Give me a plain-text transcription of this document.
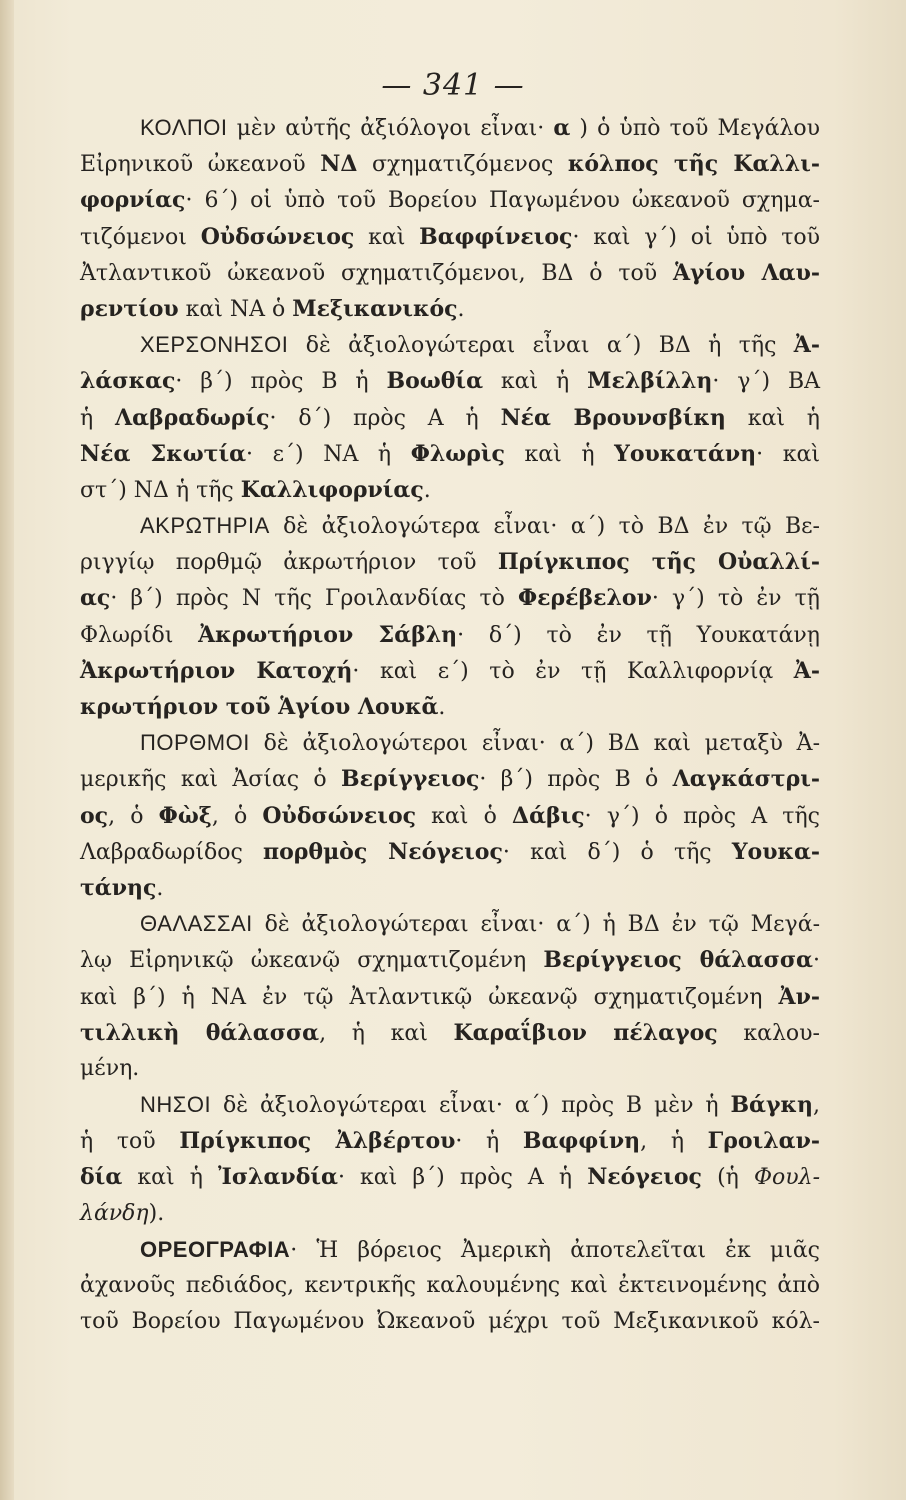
— 341 —
ΚΟΛΠΟΙ μὲν αὐτῆς ἀξιόλογοι εἶναι· α ) ὁ ὑπὸ τοῦ Μεγάλου
Εἰρηνικοῦ ὠκεανοῦ ΝΔ σχηματιζόμενος κόλπος τῆς Καλλι-
φορνίας· 6΄) οἱ ὑπὸ τοῦ Βορείου Παγωμένου ὠκεανοῦ σχημα-
τιζόμενοι Οὐδσώνειος καὶ Βαφφίνειος· καὶ γ΄) οἱ ὑπὸ τοῦ
Ἀτλαντικοῦ ὠκεανοῦ σχηματιζόμενοι, ΒΔ ὁ τοῦ Ἁγίου Λαυ-
ρεντίου καὶ ΝΑ ὁ Μεξικανικός.
ΧΕΡΣΟΝΗΣΟΙ δὲ ἀξιολογώτεραι εἶναι α΄) ΒΔ ἡ τῆς Ἀ-
λάσκας· β΄) πρὸς Β ἡ Βοωθία καὶ ἡ Μελβίλλη· γ΄) ΒΑ
ἡ Λαβραδωρίς· δ΄) πρὸς Α ἡ Νέα Βρουνσβίκη καὶ ἡ
Νέα Σκωτία· ε΄) ΝΑ ἡ Φλωρὶς καὶ ἡ Υουκατάνη· καὶ
στ΄) ΝΔ ἡ τῆς Καλλιφορνίας.
ΑΚΡΩΤΗΡΙΑ δὲ ἀξιολογώτερα εἶναι· α΄) τὸ ΒΔ ἐν τῷ Βε-
ριγγίῳ πορθμῷ ἀκρωτήριον τοῦ Πρίγκιπος τῆς Οὐαλλί-
ας· β΄) πρὸς Ν τῆς Γροιλανδίας τὸ Φερέβελον· γ΄) τὸ ἐν τῇ
Φλωρίδι Ἀκρωτήριον Σάβλη· δ΄) τὸ ἐν τῇ Υουκατάνῃ
Ἀκρωτήριον Κατοχή· καὶ ε΄) τὸ ἐν τῇ Καλλιφορνίᾳ Ἀ-
κρωτήριον τοῦ Ἁγίου Λουκᾶ.
ΠΟΡΘΜΟΙ δὲ ἀξιολογώτεροι εἶναι· α΄) ΒΔ καὶ μεταξὺ Ἀ-
μερικῆς καὶ Ἀσίας ὁ Βερίγγειος· β΄) πρὸς Β ὁ Λαγκάστρι-
ος, ὁ Φὼξ, ὁ Οὐδσώνειος καὶ ὁ Δάβις· γ΄) ὁ πρὸς Α τῆς
Λαβραδωρίδος πορθμὸς Νεόγειος· καὶ δ΄) ὁ τῆς Υουκα-
τάνης.
ΘΑΛΑΣΣΑΙ δὲ ἀξιολογώτεραι εἶναι· α΄) ἡ ΒΔ ἐν τῷ Μεγά-
λῳ Εἰρηνικῷ ὠκεανῷ σχηματιζομένη Βερίγγειος θάλασσα·
καὶ β΄) ἡ ΝΑ ἐν τῷ Ἀτλαντικῷ ὠκεανῷ σχηματιζομένη Ἀν-
τιλλικὴ θάλασσα, ἡ καὶ Καραΐβιον πέλαγος καλου-
μένη.
ΝΗΣΟΙ δὲ ἀξιολογώτεραι εἶναι· α΄) πρὸς Β μὲν ἡ Βάγκη,
ἡ τοῦ Πρίγκιπος Ἀλβέρτου· ἡ Βαφφίνη, ἡ Γροιλαν-
δία καὶ ἡ Ἰσλανδία· καὶ β΄) πρὸς Α ἡ Νεόγειος (ἡ Φουλ-
λάνδη).
ΟΡΕΟΓΡΑΦΙΑ· Ἡ βόρειος Ἀμερικὴ ἀποτελεῖται ἐκ μιᾶς
ἀχανοῦς πεδιάδος, κεντρικῆς καλουμένης καὶ ἐκτεινομένης ἀπὸ
τοῦ Βορείου Παγωμένου Ὠκεανοῦ μέχρι τοῦ Μεξικανικοῦ κόλ-
